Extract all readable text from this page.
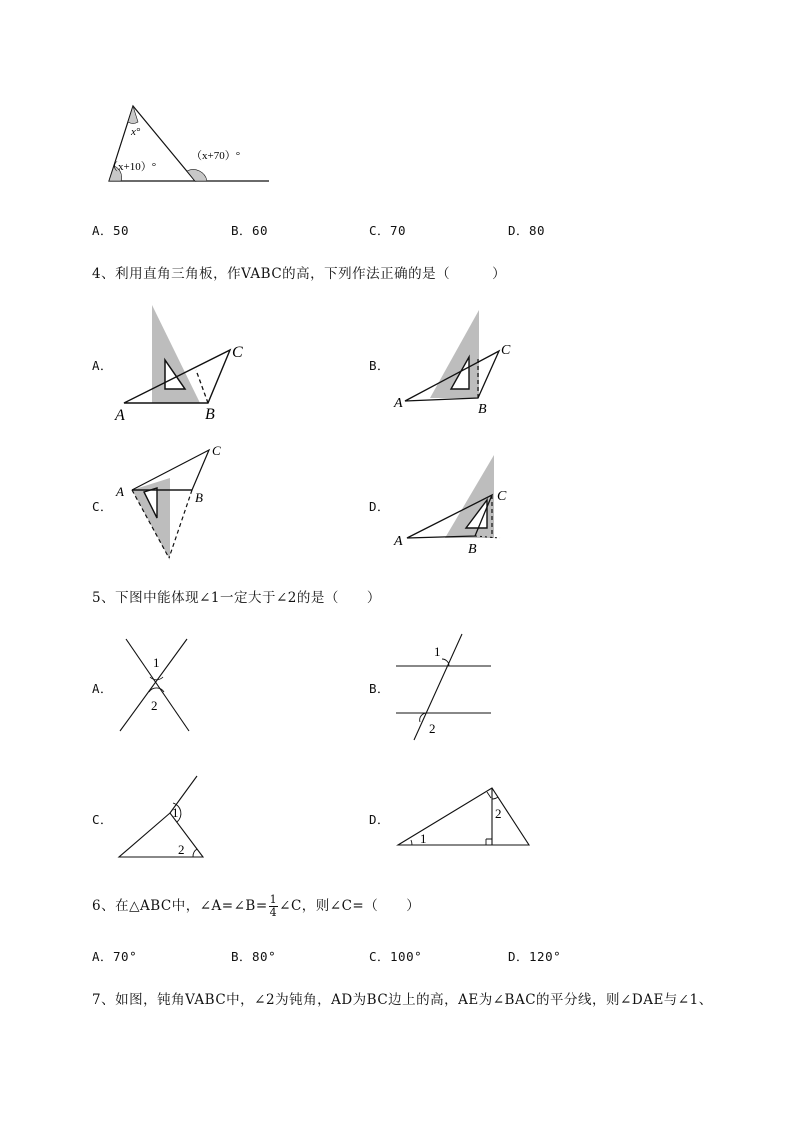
x°
（x+10）°
（x+70）°
A．50	B．60	C．70	D．80
4、利用直角三角板，作VABC的高，下列作法正确的是（　　　）
A．
A	B
C
B．
A	B
C
C．
A	B
C
D．
A
B
C
5、下图中能体现∠1一定大于∠2的是（　　）
A．
1
2
B．
1
2
C．	1
2
D．
1
2
6、在△ABC中，∠A=∠B= $\frac{1}{4}$ ∠C，则∠C=（　　）
A．70°	B．80°	C．100°	D．120°
7、如图，钝角VABC中，∠2为钝角，AD为BC边上的高，AE为∠BAC的平分线，则∠DAE与∠1、
